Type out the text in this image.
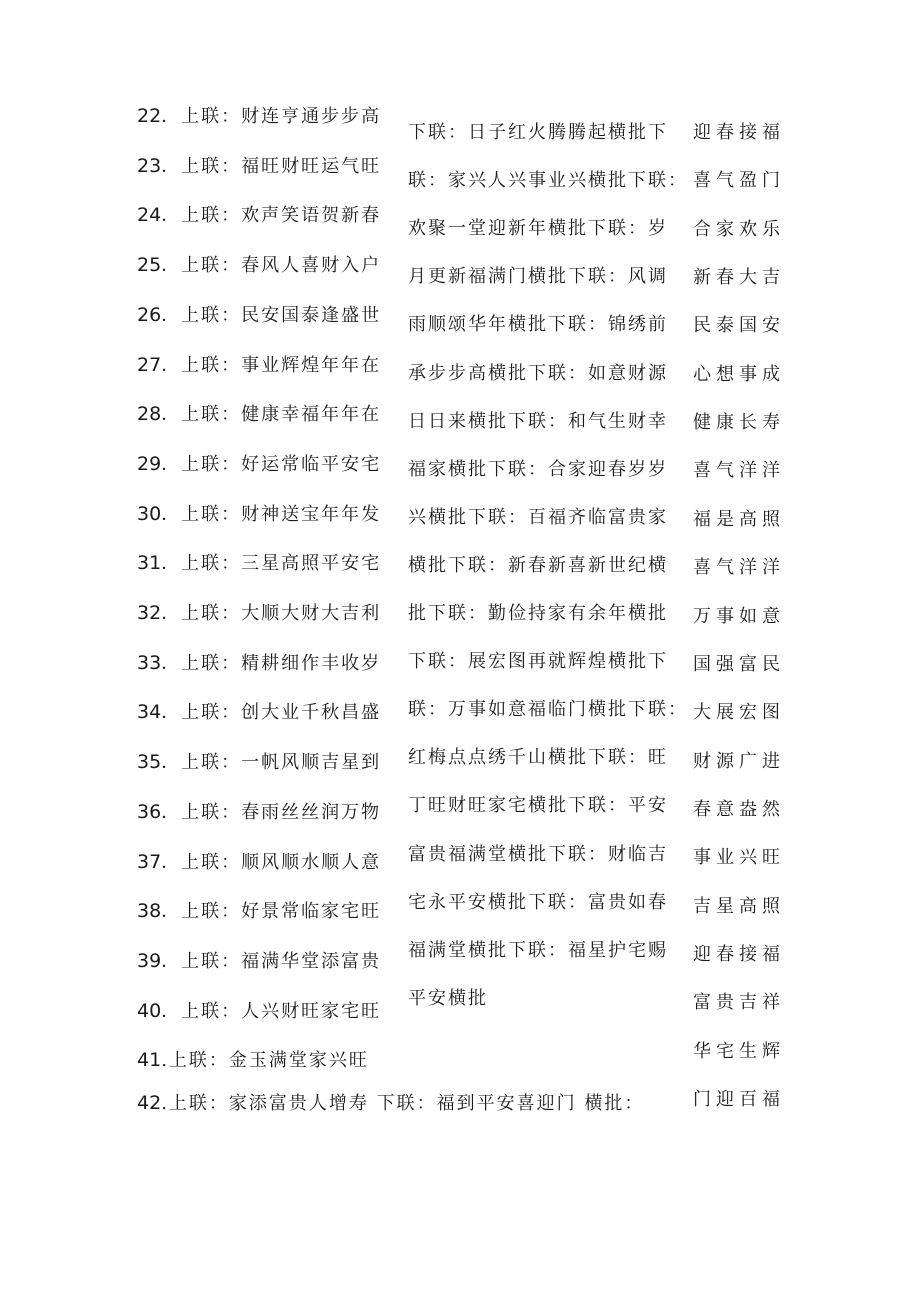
22．上联：财连亨通步步高
23．上联：福旺财旺运气旺
24．上联：欢声笑语贺新春
25．上联：春风人喜财入户
26．上联：民安国泰逢盛世
27．上联：事业辉煌年年在
28．上联：健康幸福年年在
29．上联：好运常临平安宅
30．上联：财神送宝年年发
31．上联：三星高照平安宅
32．上联：大顺大财大吉利
33．上联：精耕细作丰收岁
34．上联：创大业千秋昌盛
35．上联：一帆风顺吉星到
36．上联：春雨丝丝润万物
37．上联：顺风顺水顺人意
38．上联：好景常临家宅旺
39．上联：福满华堂添富贵
40．上联：人兴财旺家宅旺
41.上联：金玉满堂家兴旺
下联：日子红火腾腾起横批下
联：家兴人兴事业兴横批下联：
欢聚一堂迎新年横批下联：岁
月更新福满门横批下联：风调
雨顺颂华年横批下联：锦绣前
承步步高横批下联：如意财源
日日来横批下联：和气生财幸
福家横批下联：合家迎春岁岁
兴横批下联：百福齐临富贵家
横批下联：新春新喜新世纪横
批下联：勤俭持家有余年横批
下联：展宏图再就辉煌横批下
联：万事如意福临门横批下联：
红梅点点绣千山横批下联：旺
丁旺财旺家宅横批下联：平安
富贵福满堂横批下联：财临吉
宅永平安横批下联：富贵如春
福满堂横批下联：福星护宅赐
平安横批
迎春接福
喜气盈门
合家欢乐
新春大吉
民泰国安
心想事成
健康长寿
喜气洋洋
福是高照
喜气洋洋
万事如意
国强富民
大展宏图
财源广进
春意盎然
事业兴旺
吉星高照
迎春接福
富贵吉祥
华宅生辉
门迎百福
42.上联：家添富贵人增寿 下联：福到平安喜迎门 横批：
